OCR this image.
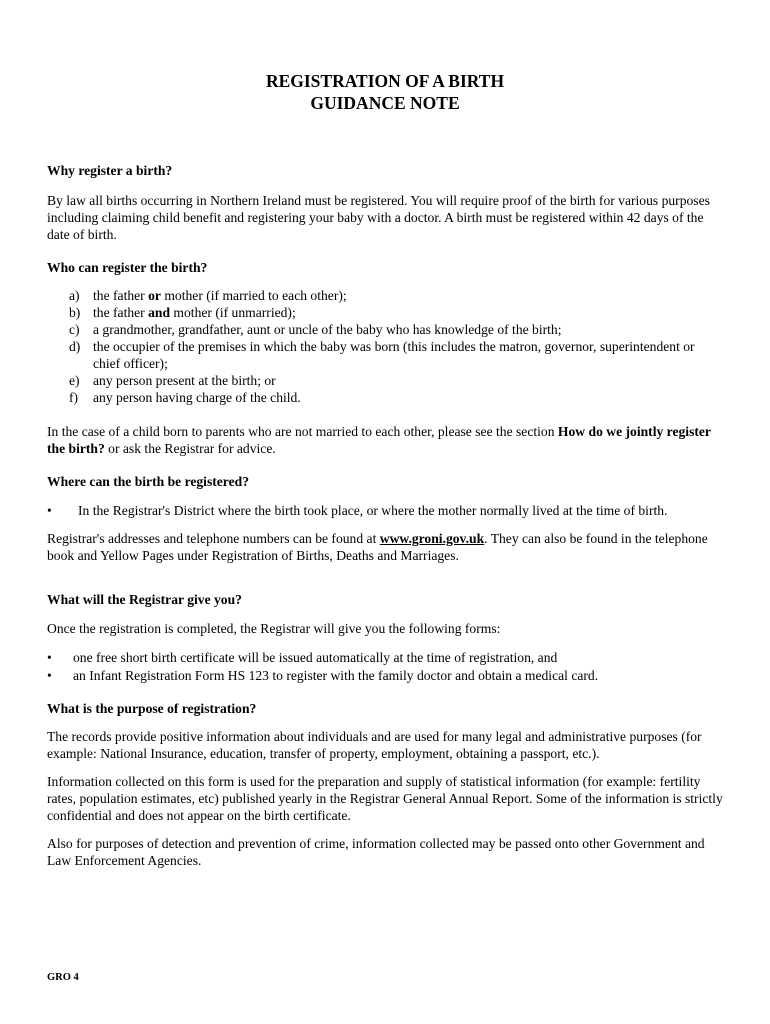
REGISTRATION OF A BIRTH
GUIDANCE NOTE
Why register a birth?

By law all births occurring in Northern Ireland must be registered. You will require proof of the birth for various purposes including claiming child benefit and registering your baby with a doctor. A birth must be registered within 42 days of the date of birth.

Who can register the birth?
a) the father or mother (if married to each other);
b) the father and mother (if unmarried);
c) a grandmother, grandfather, aunt or uncle of the baby who has knowledge of the birth;
d) the occupier of the premises in which the baby was born (this includes the matron, governor, superintendent or chief officer);
e) any person present at the birth; or
f) any person having charge of the child.

In the case of a child born to parents who are not married to each other, please see the section How do we jointly register the birth? or ask the Registrar for advice.

Where can the birth be registered?
• In the Registrar's District where the birth took place, or where the mother normally lived at the time of birth.

Registrar's addresses and telephone numbers can be found at www.groni.gov.uk. They can also be found in the telephone book and Yellow Pages under Registration of Births, Deaths and Marriages.

What will the Registrar give you?

Once the registration is completed, the Registrar will give you the following forms:

• one free short birth certificate will be issued automatically at the time of registration, and
• an Infant Registration Form HS 123 to register with the family doctor and obtain a medical card.
What is the purpose of registration?

The records provide positive information about individuals and are used for many legal and administrative purposes (for example: National Insurance, education, transfer of property, employment, obtaining a passport, etc.).

Information collected on this form is used for the preparation and supply of statistical information (for example: fertility rates, population estimates, etc) published yearly in the Registrar General Annual Report. Some of the information is strictly confidential and does not appear on the birth certificate.

Also for purposes of detection and prevention of crime, information collected may be passed onto other Government and Law Enforcement Agencies.

GRO 4
